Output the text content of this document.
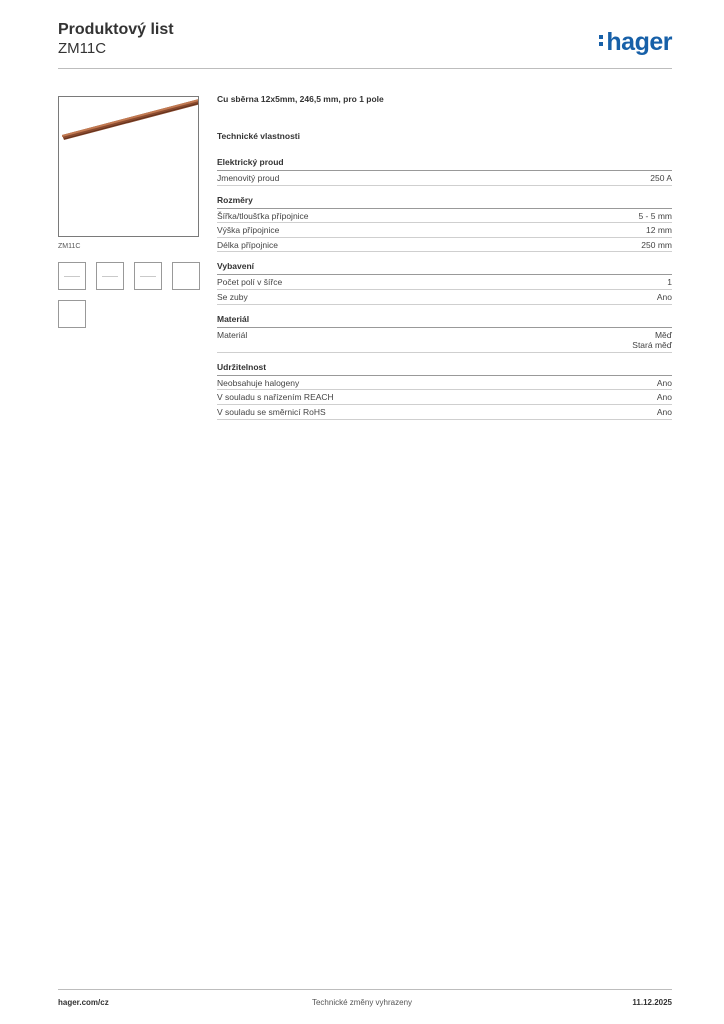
Produktový list
ZM11C	hager
ZM11C
Cu sběrna 12x5mm, 246,5 mm, pro 1 pole
Technické vlastnosti
Elektrický proud
Jmenovitý proud	250 A
Rozměry
Šířka/tloušťka přípojnice	5 - 5 mm
Výška přípojnice	12 mm
Délka přípojnice	250 mm
Vybavení
Počet polí v šířce	1
Se zuby	Ano
Materiál
Materiál	Měď
Stará měď
Udržitelnost
Neobsahuje halogeny	Ano
V souladu s nařízením REACH	Ano
V souladu se směrnicí RoHS	Ano
hager.com/cz	Technické změny vyhrazeny	11.12.2025
